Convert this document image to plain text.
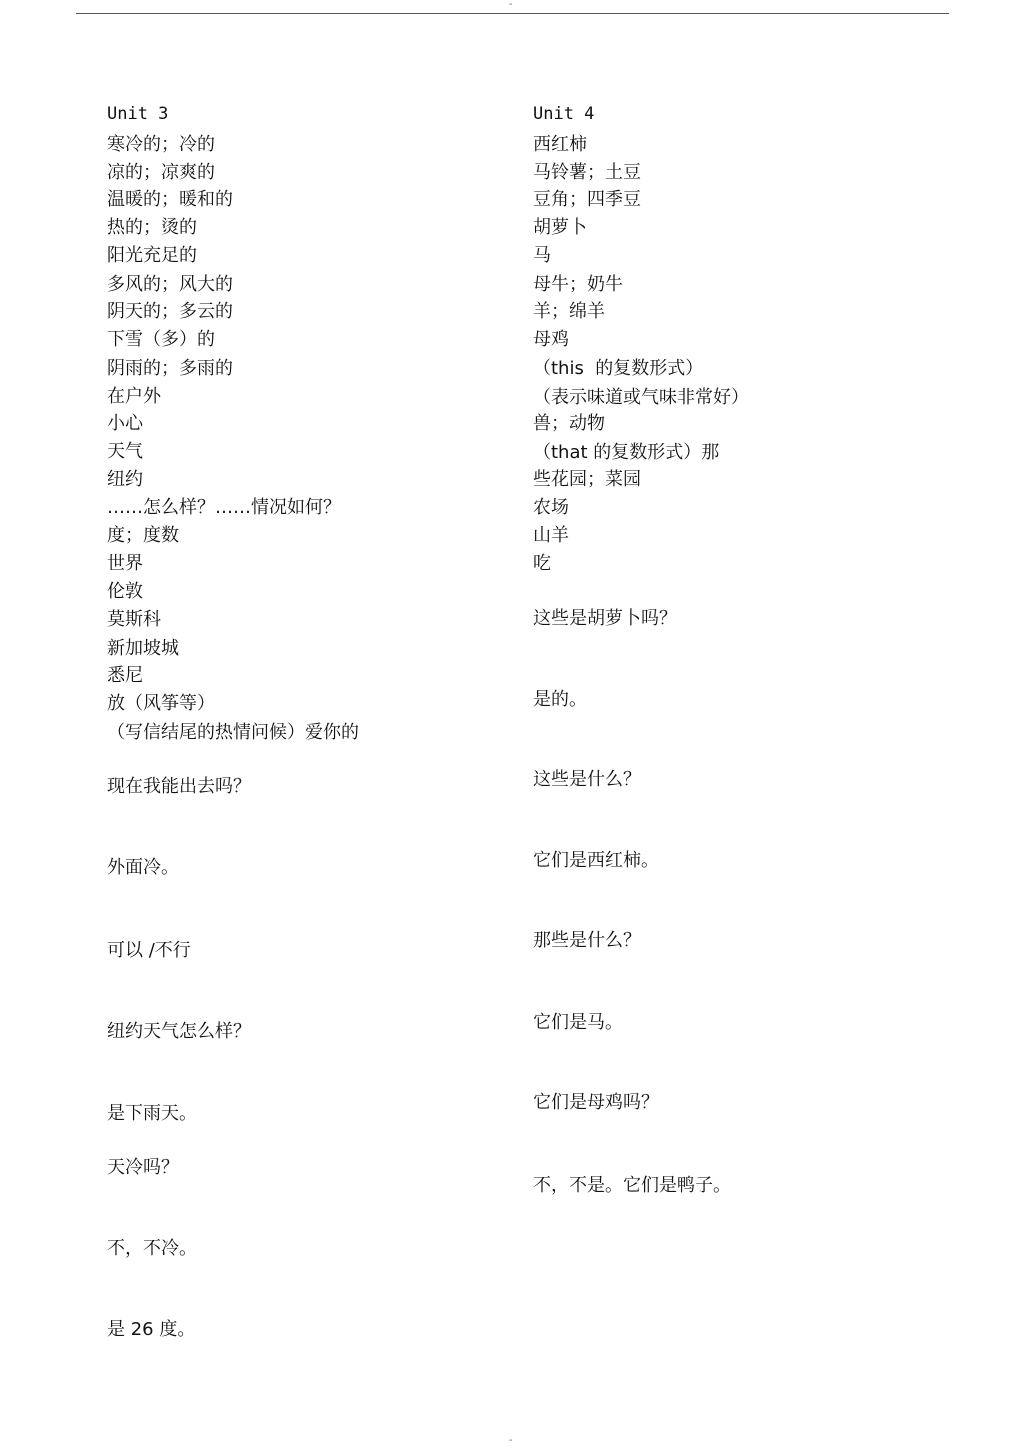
-
-
Unit 3
寒冷的；冷的
凉的；凉爽的
温暖的；暖和的
热的；烫的
阳光充足的
多风的；风大的
阴天的；多云的
下雪（多）的
阴雨的；多雨的
在户外
小心
天气
纽约
……怎么样？……情况如何？
度；度数
世界
伦敦
莫斯科
新加坡城
悉尼
放（风筝等）
（写信结尾的热情问候）爱你的
现在我能出去吗？
外面冷。
可以 /不行
纽约天气怎么样？
是下雨天。
天冷吗？
不，不冷。
是 26 度。
Unit 4
西红柿
马铃薯；土豆
豆角；四季豆
胡萝卜
马
母牛；奶牛
羊；绵羊
母鸡
（this  的复数形式）
（表示味道或气味非常好）
兽；动物
（that 的复数形式）那
些花园；菜园
农场
山羊
吃
这些是胡萝卜吗？
是的。
这些是什么？
它们是西红柿。
那些是什么？
它们是马。
它们是母鸡吗？
不，不是。它们是鸭子。
